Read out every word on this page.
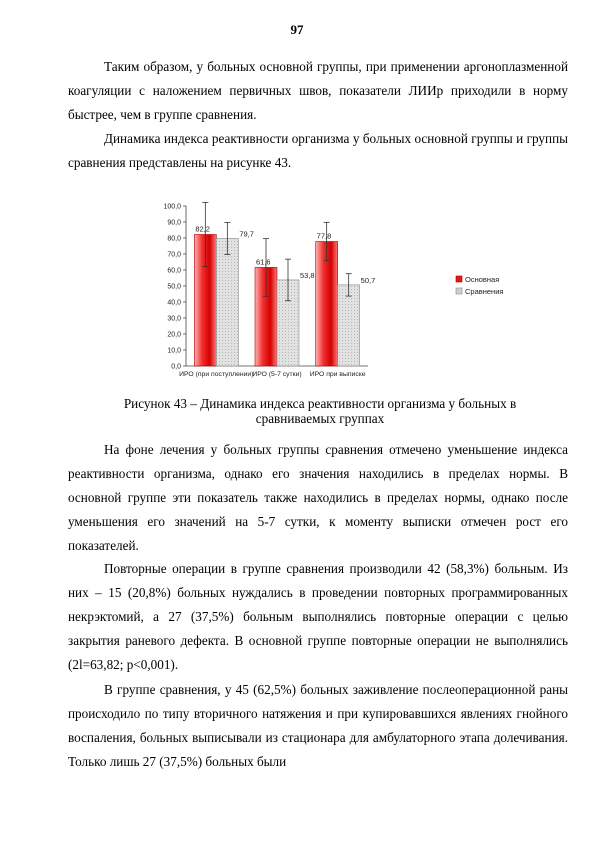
97

Таким образом, у больных основной группы, при применении аргоноплазменной коагуляции с наложением первичных швов, показатели ЛИИр приходили в норму быстрее, чем в группе сравнения.

Динамика индекса реактивности организма у больных основной группы и группы сравнения представлены на рисунке 43.

0,0
10,0
20,0
30,0
40,0
50,0
60,0
70,0
80,0
90,0
100,0
82,2
79,7
ИРО (при поступлении)
61,6
53,8
ИРО (5-7 сутки)
77,8
50,7
ИРО при выписке
Основная
Сравнения

Рисунок 43 – Динамика индекса реактивности организма у больных в сравниваемых группах

На фоне лечения у больных группы сравнения отмечено уменьшение индекса реактивности организма, однако его значения находились в пределах нормы. В основной группе эти показатель также находились в пределах нормы, однако после уменьшения его значений на 5-7 сутки, к моменту выписки отмечен рост его показателей.

Повторные операции в группе сравнения производили 42 (58,3%) больным. Из них – 15 (20,8%) больных нуждались в проведении повторных программированных некрэктомий, а 27 (37,5%) больным выполнялись повторные операции с целью закрытия раневого дефекта. В основной группе повторные операции не выполнялись (2l=63,82; p<0,001).

В группе сравнения, у 45 (62,5%) больных заживление послеоперационной раны происходило по типу вторичного натяжения и при купировавшихся явлениях гнойного воспаления, больных выписывали из стационара для амбулаторного этапа долечивания. Только лишь 27 (37,5%) больных были
